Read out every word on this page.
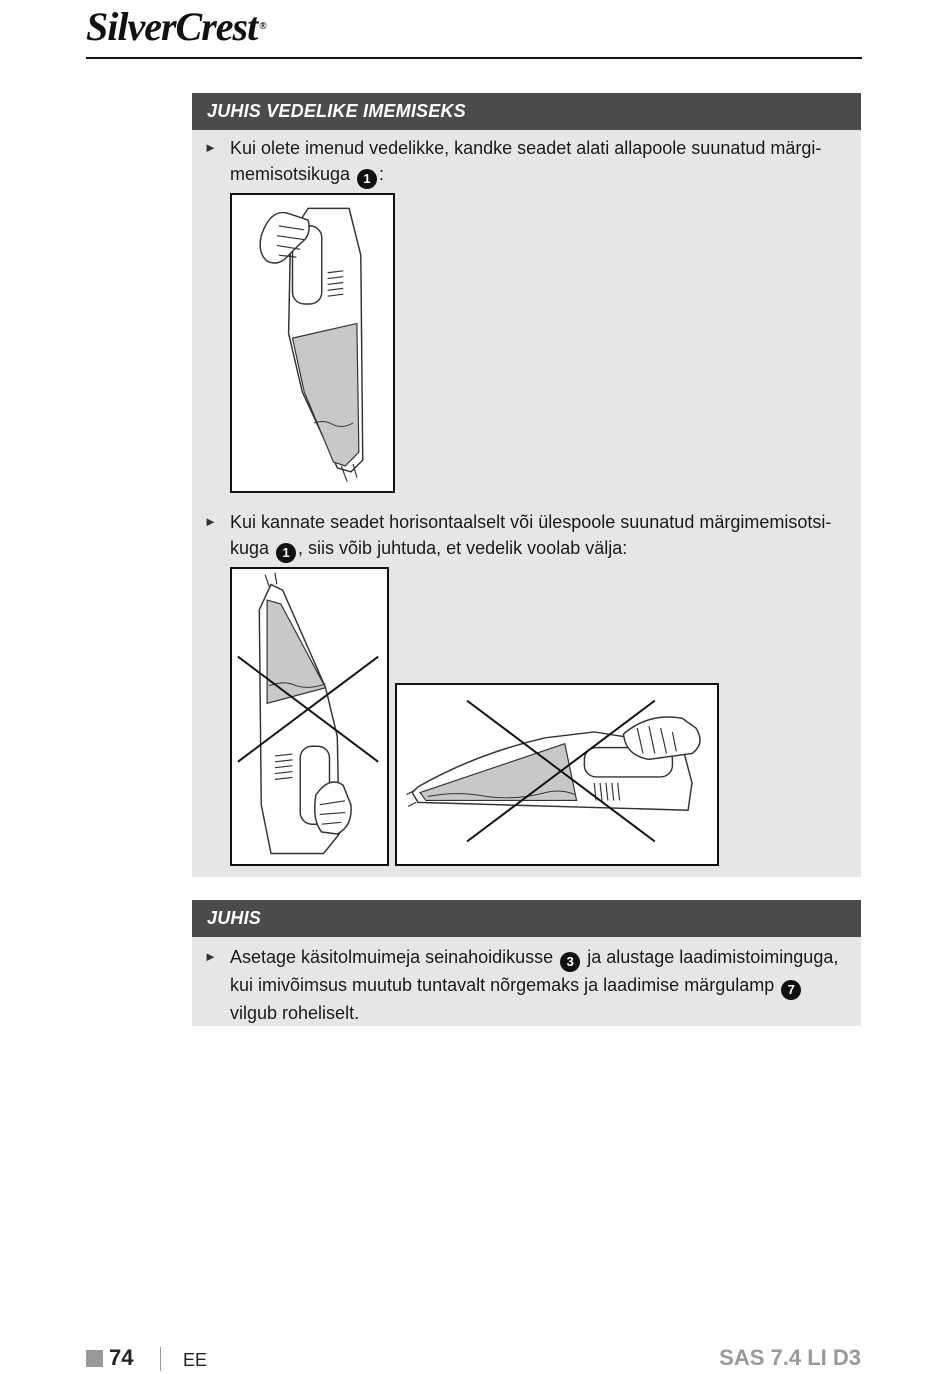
SilverCrest ®
JUHIS VEDELIKE IMEMISEKS
► Kui olete imenud vedelikke, kandke seadet alati allapoole suunatud märgi-
memisotsikuga 1 :
► Kui kannate seadet horisontaalselt või ülespoole suunatud märgimemisotsi-
kuga 1 , siis võib juhtuda, et vedelik voolab välja:
JUHIS
► Asetage käsitolmuimeja seinahoidikusse 3 ja alustage laadimistoiminguga,
kui imivõimsus muutub tuntavalt nõrgemaks ja laadimise märgulamp 7
vilgub roheliselt.
74	EE	SAS 7.4 LI D3
